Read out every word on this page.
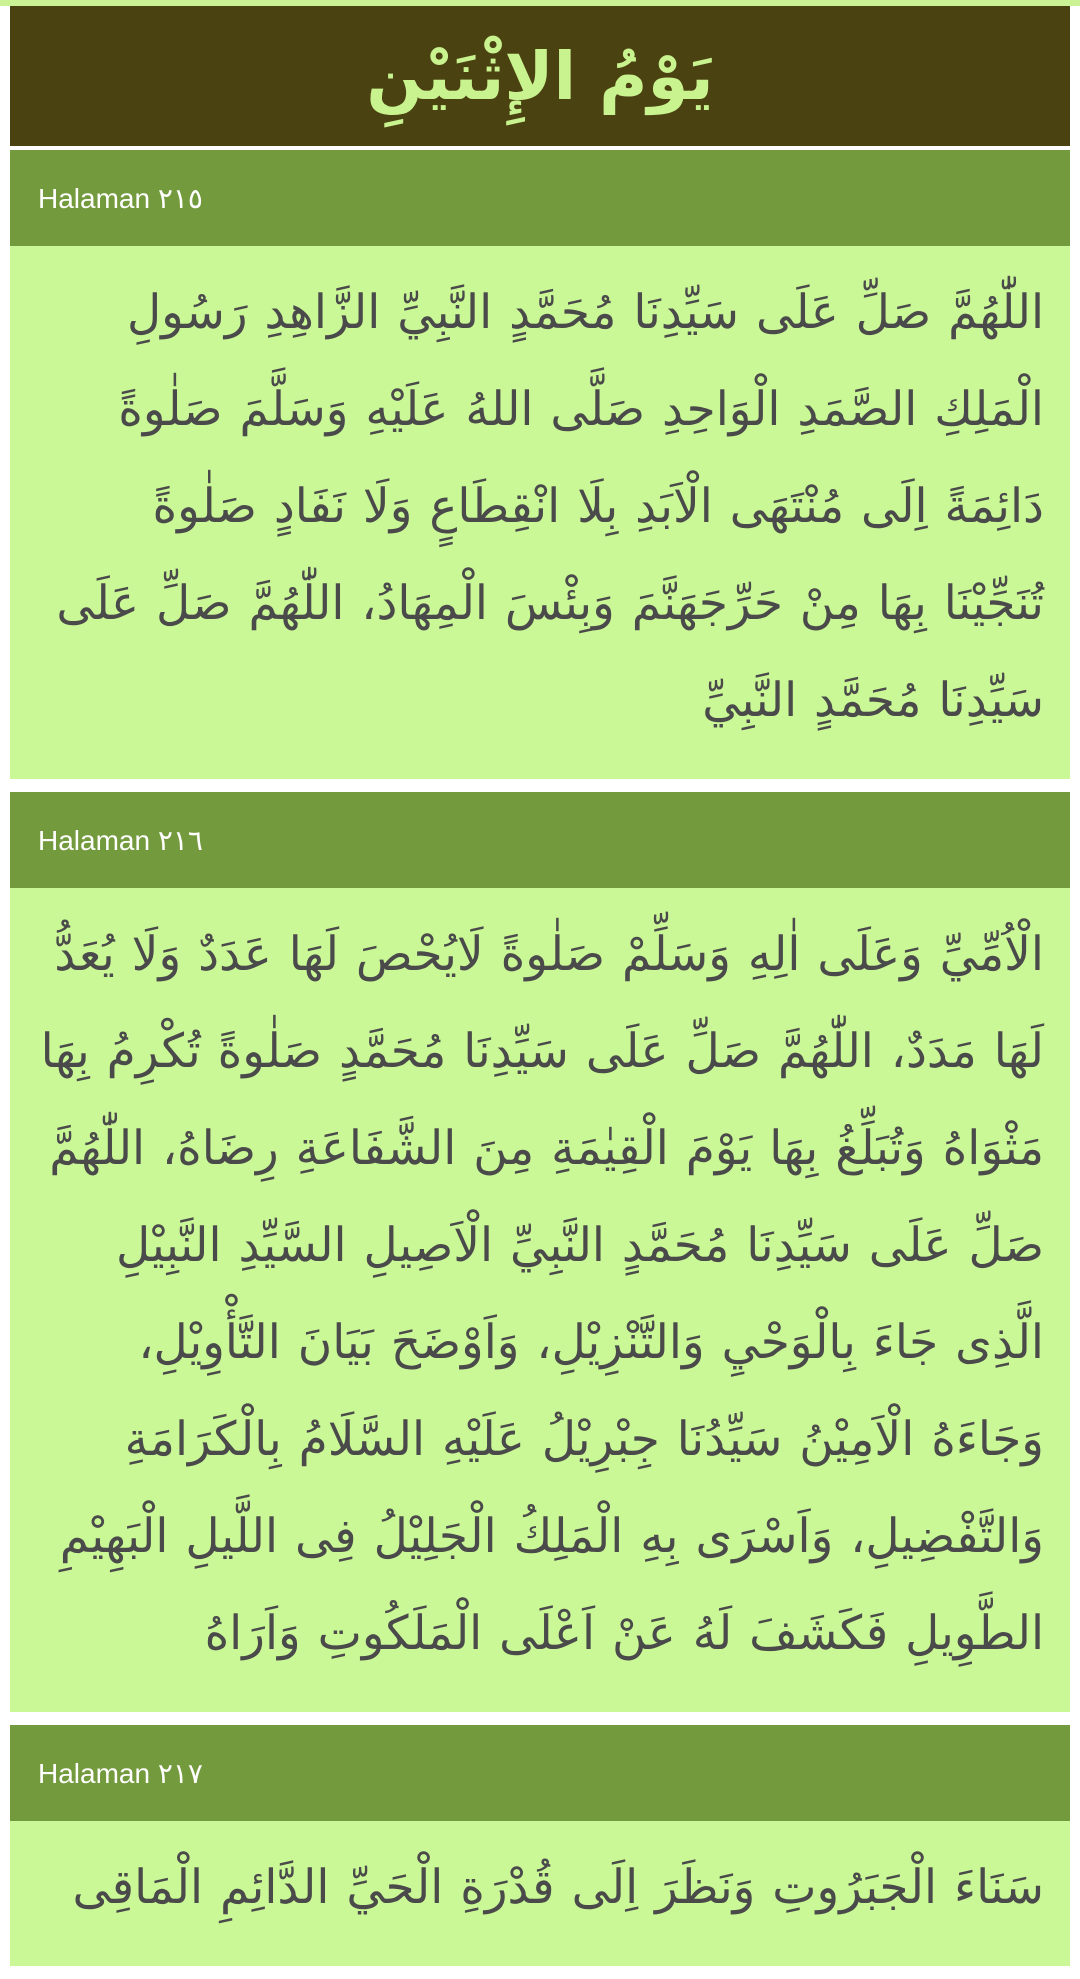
يَوْمُ الإِثْنَيْنِ
Halaman ٢١٥
اللّٰهُمَّ صَلِّ عَلَى سَيِّدِنَا مُحَمَّدٍ النَّبِيِّ الزَّاهِدِ رَسُولِ الْمَلِكِ الصَّمَدِ الْوَاحِدِ صَلَّى اللهُ عَلَيْهِ وَسَلَّمَ صَلٰوةً دَائِمَةً اِلَى مُنْتَهَى الْاَبَدِ بِلَا انْقِطَاعٍ وَلَا نَفَادٍ صَلٰوةً تُنَجِّيْنَا بِهَا مِنْ حَرِّجَهَنَّمَ وَبِئْسَ الْمِهَادُ، اللّٰهُمَّ صَلِّ عَلَى سَيِّدِنَا مُحَمَّدٍ النَّبِيِّ
Halaman ٢١٦
الْاُمِّيِّ وَعَلَى اٰلِهِ وَسَلِّمْ صَلٰوةً لَايُحْصَ لَهَا عَدَدٌ وَلَا يُعَدُّ لَهَا مَدَدٌ، اللّٰهُمَّ صَلِّ عَلَى سَيِّدِنَا مُحَمَّدٍ صَلٰوةً تُكْرِمُ بِهَا مَثْوَاهُ وَتُبَلِّغُ بِهَا يَوْمَ الْقِيٰمَةِ مِنَ الشَّفَاعَةِ رِضَاهُ، اللّٰهُمَّ صَلِّ عَلَى سَيِّدِنَا مُحَمَّدٍ النَّبِيِّ الْاَصِيلِ السَّيِّدِ النَّبِيْلِ الَّذِى جَاءَ بِالْوَحْيِ وَالتَّنْزِيْلِ، وَاَوْضَحَ بَيَانَ التَّأْوِيْلِ، وَجَاءَهُ الْاَمِيْنُ سَيِّدُنَا جِبْرِيْلُ عَلَيْهِ السَّلَامُ بِالْكَرَامَةِ وَالتَّفْضِيلِ، وَاَسْرَى بِهِ الْمَلِكُ الْجَلِيْلُ فِى اللَّيلِ الْبَهِيْمِ الطَّوِيلِ فَكَشَفَ لَهُ عَنْ اَعْلَى الْمَلَكُوتِ وَاَرَاهُ
Halaman ٢١٧
سَنَاءَ الْجَبَرُوتِ وَنَظَرَ اِلَى قُدْرَةِ الْحَيِّ الدَّائِمِ الْمَاقِى
